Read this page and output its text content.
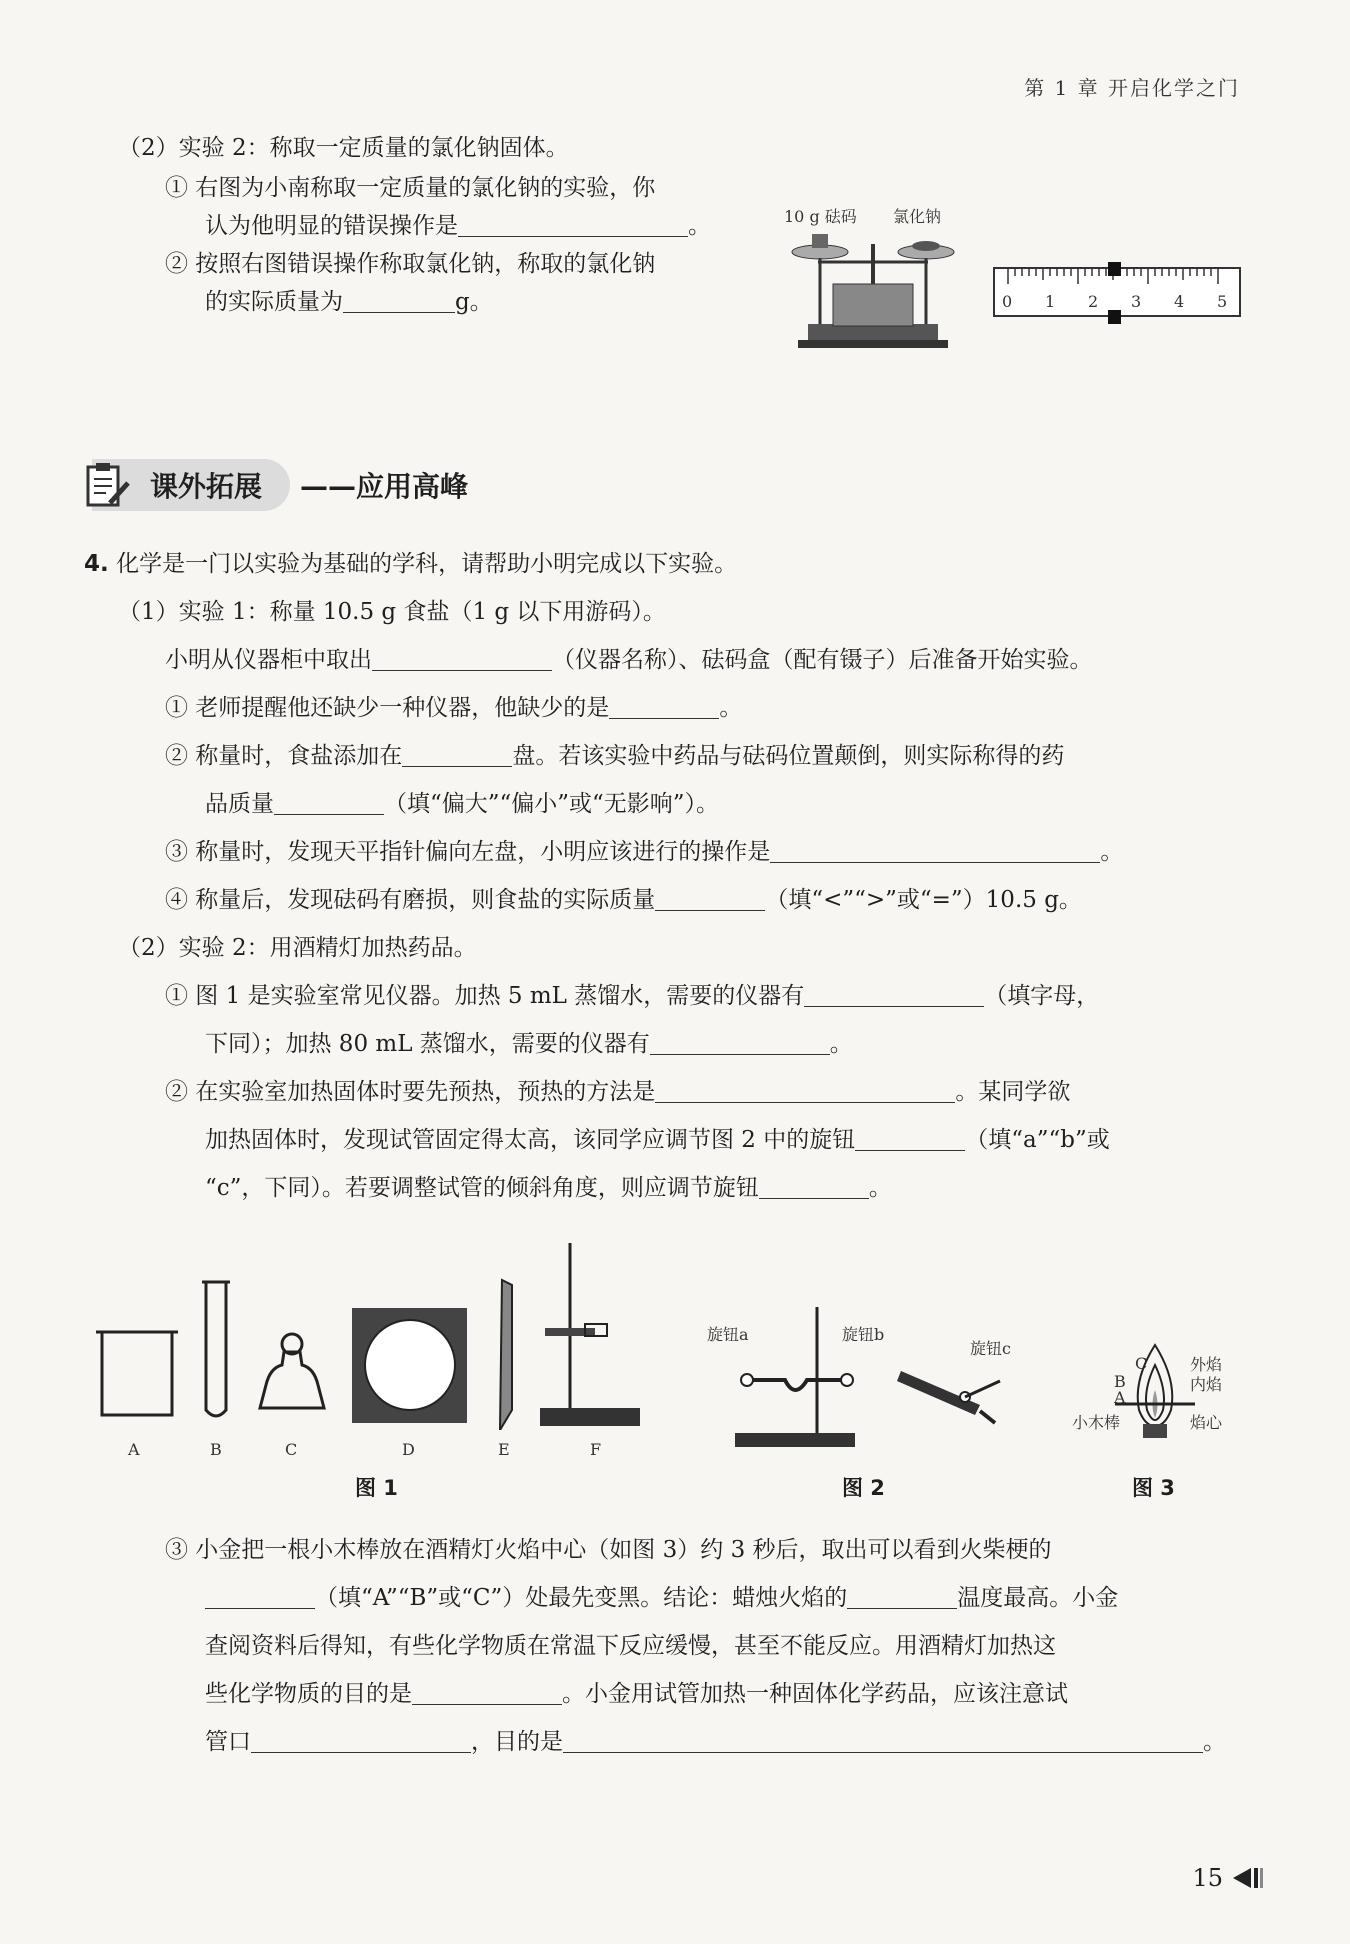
第 1 章 开启化学之门
（2）实验 2：称取一定质量的氯化钠固体。
① 右图为小南称取一定质量的氯化钠的实验，你
认为他明显的错误操作是	。
② 按照右图错误操作称取氯化钠，称取的氯化钠
的实际质量为	g。
10 g 砝码 氯化钠
0 1 2 3 4 5
课外拓展	——应用高峰
4. 化学是一门以实验为基础的学科，请帮助小明完成以下实验。
（1）实验 1：称量 10.5 g 食盐（1 g 以下用游码）。
小明从仪器柜中取出	（仪器名称）、砝码盒（配有镊子）后准备开始实验。
① 老师提醒他还缺少一种仪器，他缺少的是	。
② 称量时，食盐添加在	盘。若该实验中药品与砝码位置颠倒，则实际称得的药
品质量	（填“偏大”“偏小”或“无影响”）。
③ 称量时，发现天平指针偏向左盘，小明应该进行的操作是	。
④ 称量后，发现砝码有磨损，则食盐的实际质量	（填“<”“>”或“=”）10.5 g。
（2）实验 2：用酒精灯加热药品。
① 图 1 是实验室常见仪器。加热 5 mL 蒸馏水，需要的仪器有	（填字母，
下同）；加热 80 mL 蒸馏水，需要的仪器有	。
② 在实验室加热固体时要先预热，预热的方法是	。某同学欲
加热固体时，发现试管固定得太高，该同学应调节图 2 中的旋钮	（填“a”“b”或
“c”，下同）。若要调整试管的倾斜角度，则应调节旋钮	。
A	B	C	D	E	F
图 1
旋钮a	旋钮b
旋钮c
图 2
C
B
A
外焰
内焰
小木棒	焰心
图 3
③ 小金把一根小木棒放在酒精灯火焰中心（如图 3）约 3 秒后，取出可以看到火柴梗的
（填“A”“B”或“C”）处最先变黑。结论：蜡烛火焰的	温度最高。小金
查阅资料后得知，有些化学物质在常温下反应缓慢，甚至不能反应。用酒精灯加热这
些化学物质的目的是	。小金用试管加热一种固体化学药品，应该注意试
管口	，目的是	。
15
